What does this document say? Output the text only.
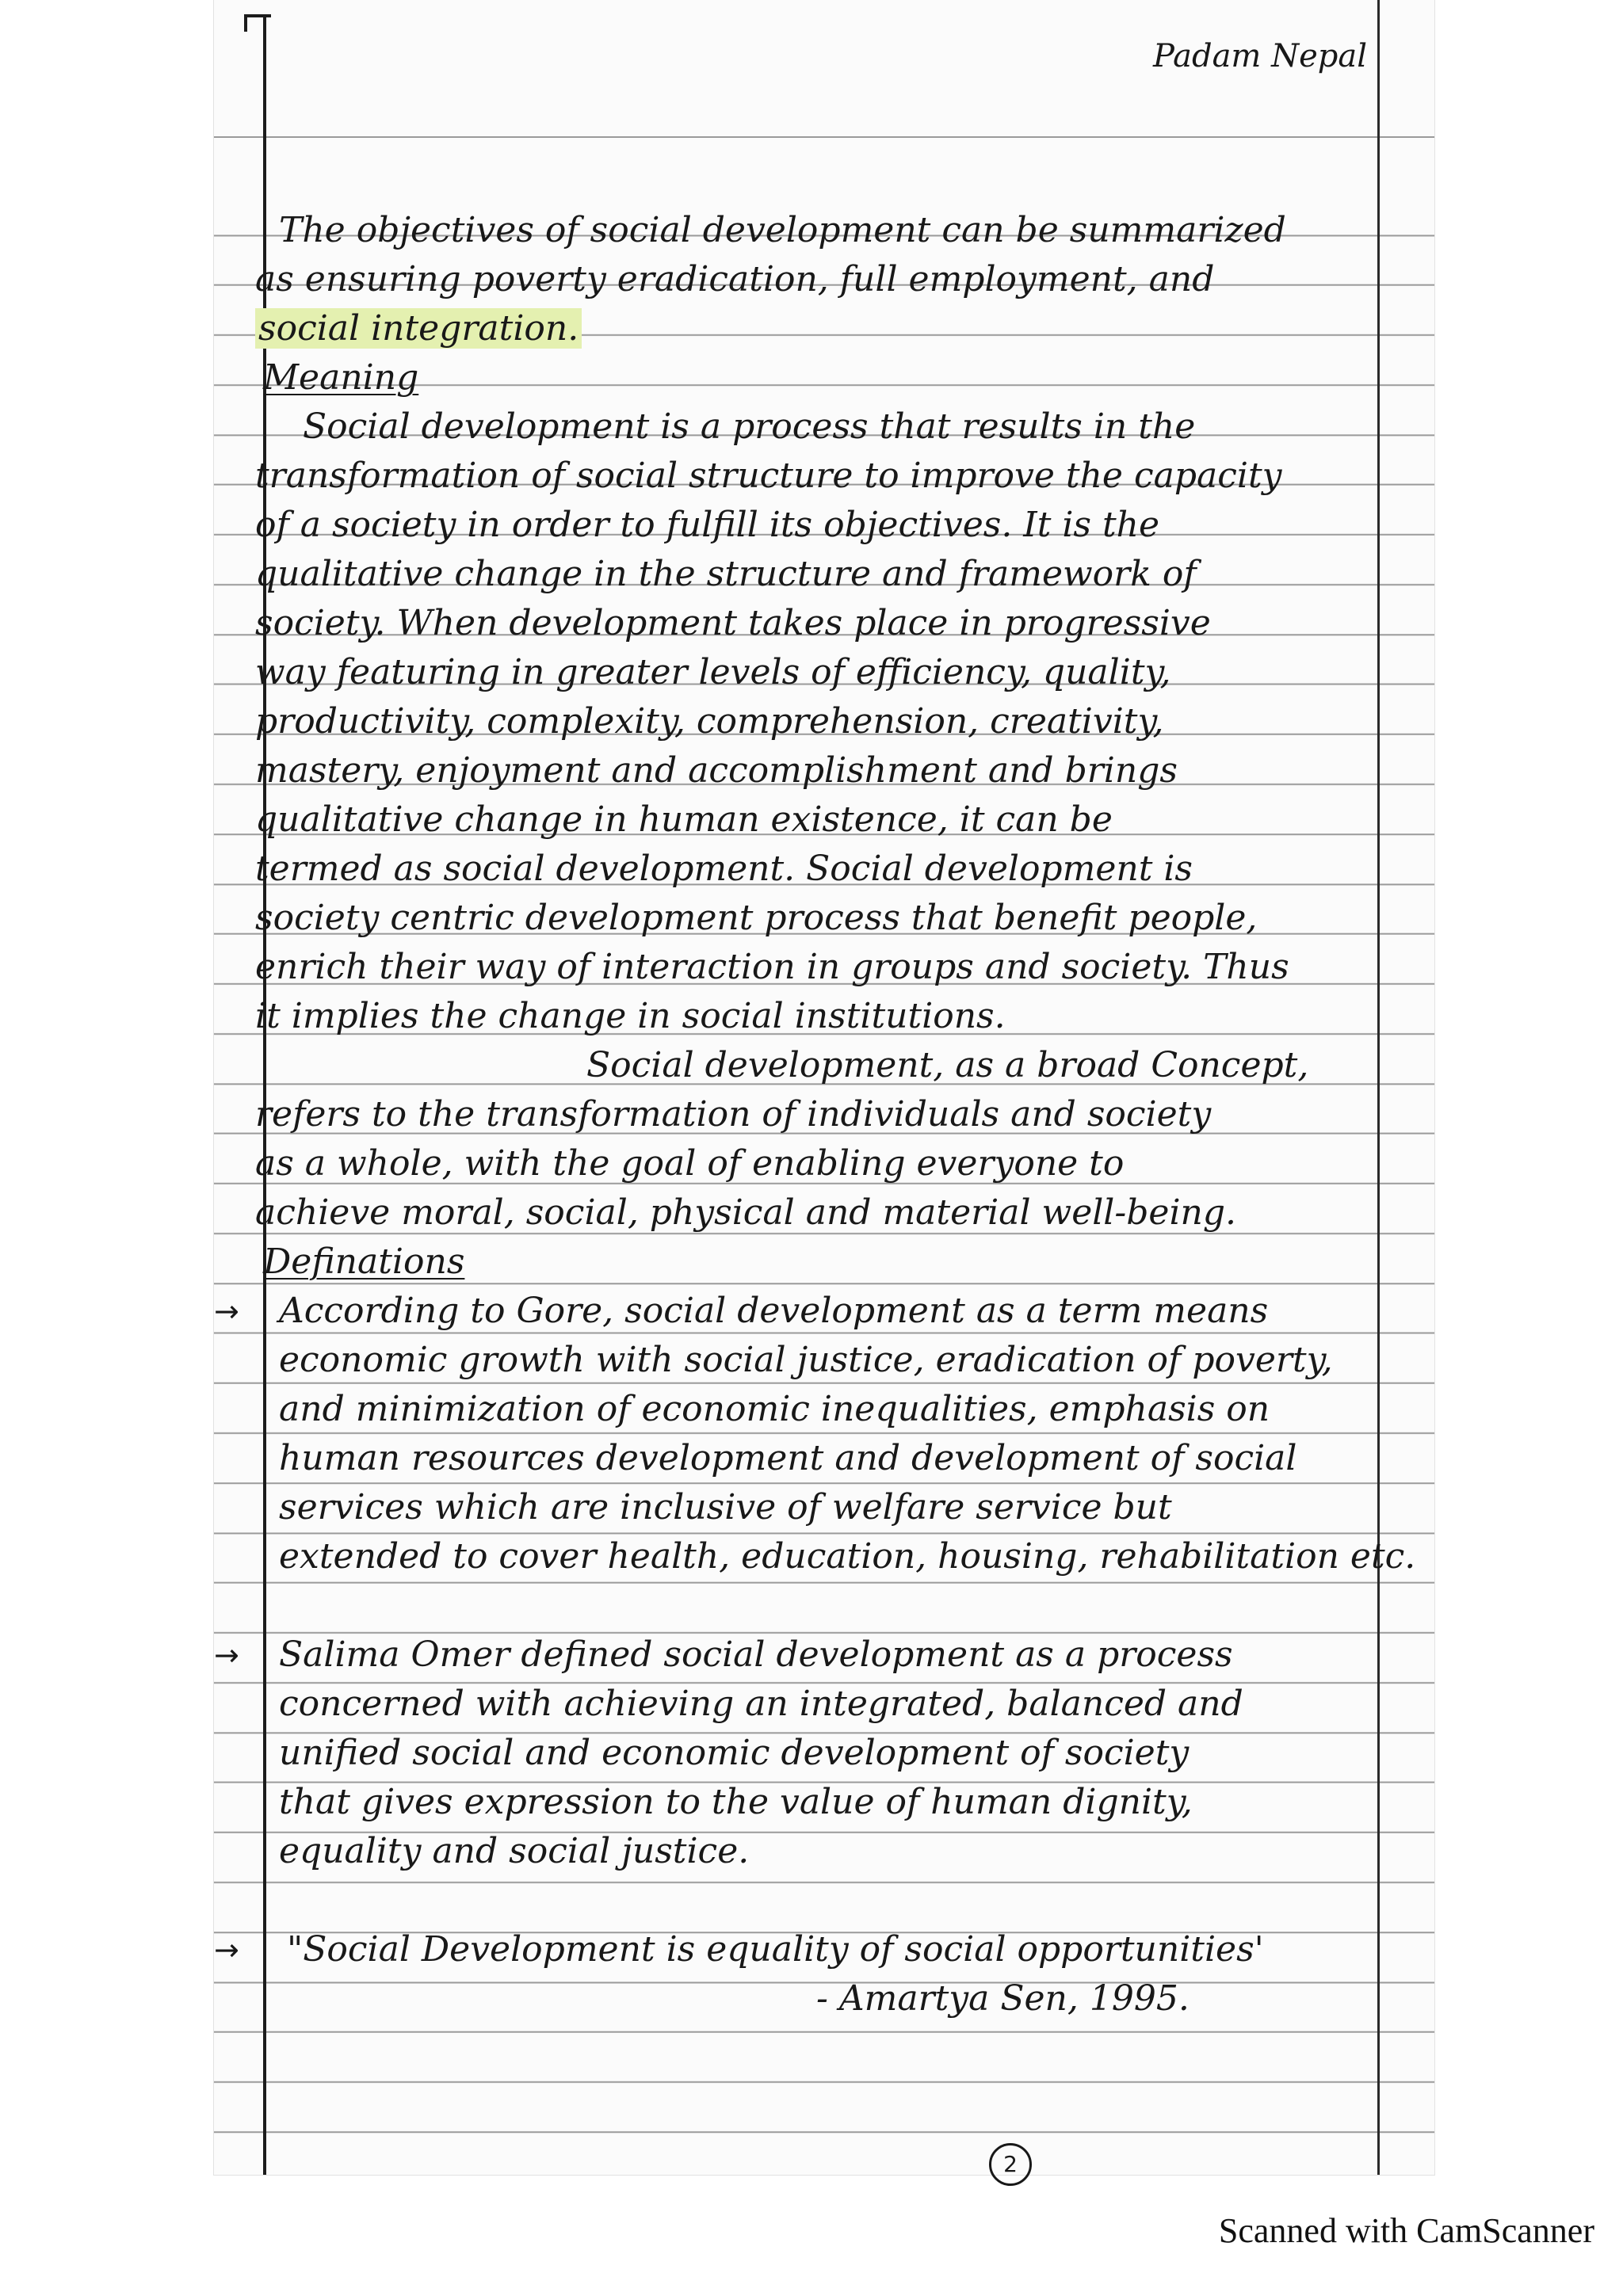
Padam Nepal
The objectives of social development can be summarized
as ensuring poverty eradication, full employment, and
social integration.
Meaning
Social development is a process that results in the
transformation of social structure to improve the capacity
of a society in order to fulfill its objectives. It is the
qualitative change in the structure and framework of
society. When development takes place in progressive
way featuring in greater levels of efficiency, quality,
productivity, complexity, comprehension, creativity,
mastery, enjoyment and accomplishment and brings
qualitative change in human existence, it can be
termed as social development. Social development is
society centric development process that benefit people,
enrich their way of interaction in groups and society. Thus
it implies the change in social institutions.
Social development, as a broad Concept,
refers to the transformation of individuals and society
as a whole, with the goal of enabling everyone to
achieve moral, social, physical and material well-being.
Definations
→ According to Gore, social development as a term means
economic growth with social justice, eradication of poverty,
and minimization of economic inequalities, emphasis on
human resources development and development of social
services which are inclusive of welfare service but
extended to cover health, education, housing, rehabilitation etc.
→ Salima Omer defined social development as a process
concerned with achieving an integrated, balanced and
unified social and economic development of society
that gives expression to the value of human dignity,
equality and social justice.
→ "Social Development is equality of social opportunities'
- Amartya Sen, 1995.
2
Scanned with CamScanner
